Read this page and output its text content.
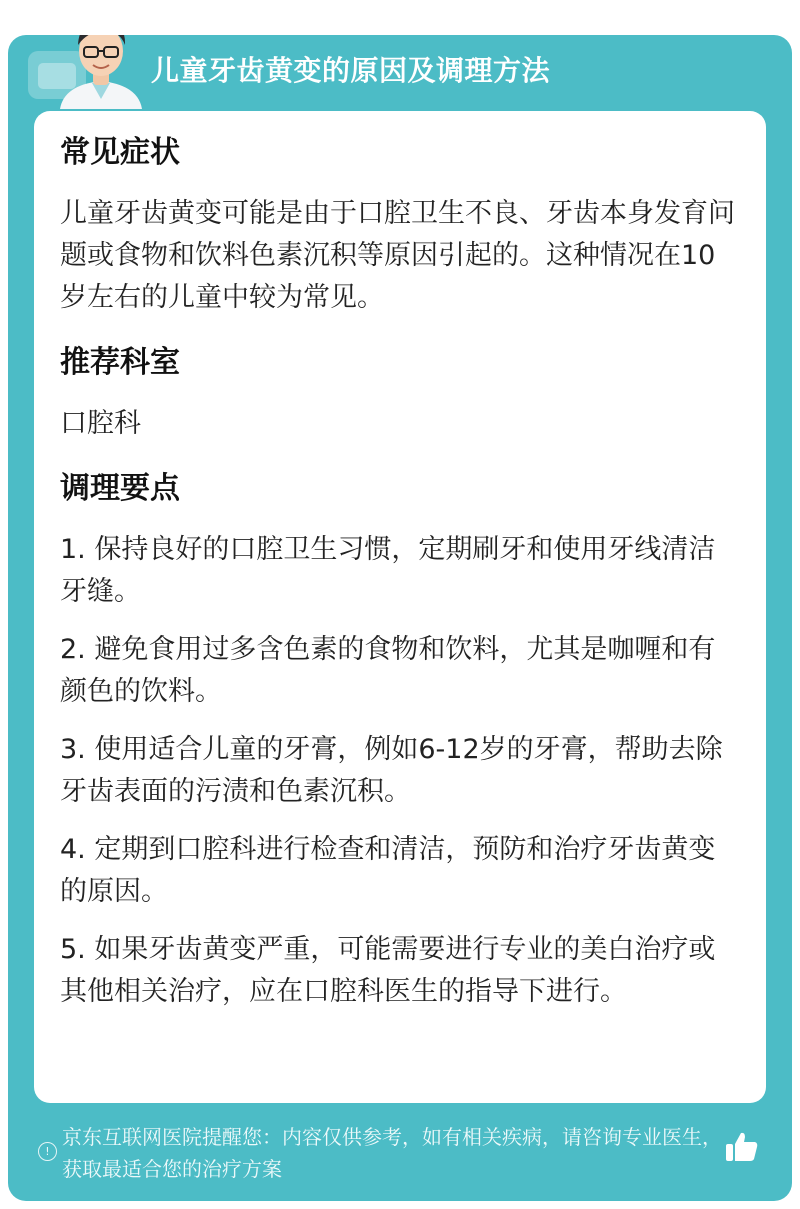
儿童牙齿黄变的原因及调理方法
常见症状
儿童牙齿黄变可能是由于口腔卫生不良、牙齿本身发育问题或食物和饮料色素沉积等原因引起的。这种情况在10岁左右的儿童中较为常见。
推荐科室
口腔科
调理要点
1. 保持良好的口腔卫生习惯，定期刷牙和使用牙线清洁牙缝。
2. 避免食用过多含色素的食物和饮料，尤其是咖喱和有颜色的饮料。
3. 使用适合儿童的牙膏，例如6-12岁的牙膏，帮助去除牙齿表面的污渍和色素沉积。
4. 定期到口腔科进行检查和清洁，预防和治疗牙齿黄变的原因。
5. 如果牙齿黄变严重，可能需要进行专业的美白治疗或其他相关治疗，应在口腔科医生的指导下进行。
!
京东互联网医院提醒您：内容仅供参考，如有相关疾病，请咨询专业医生，获取最适合您的治疗方案
